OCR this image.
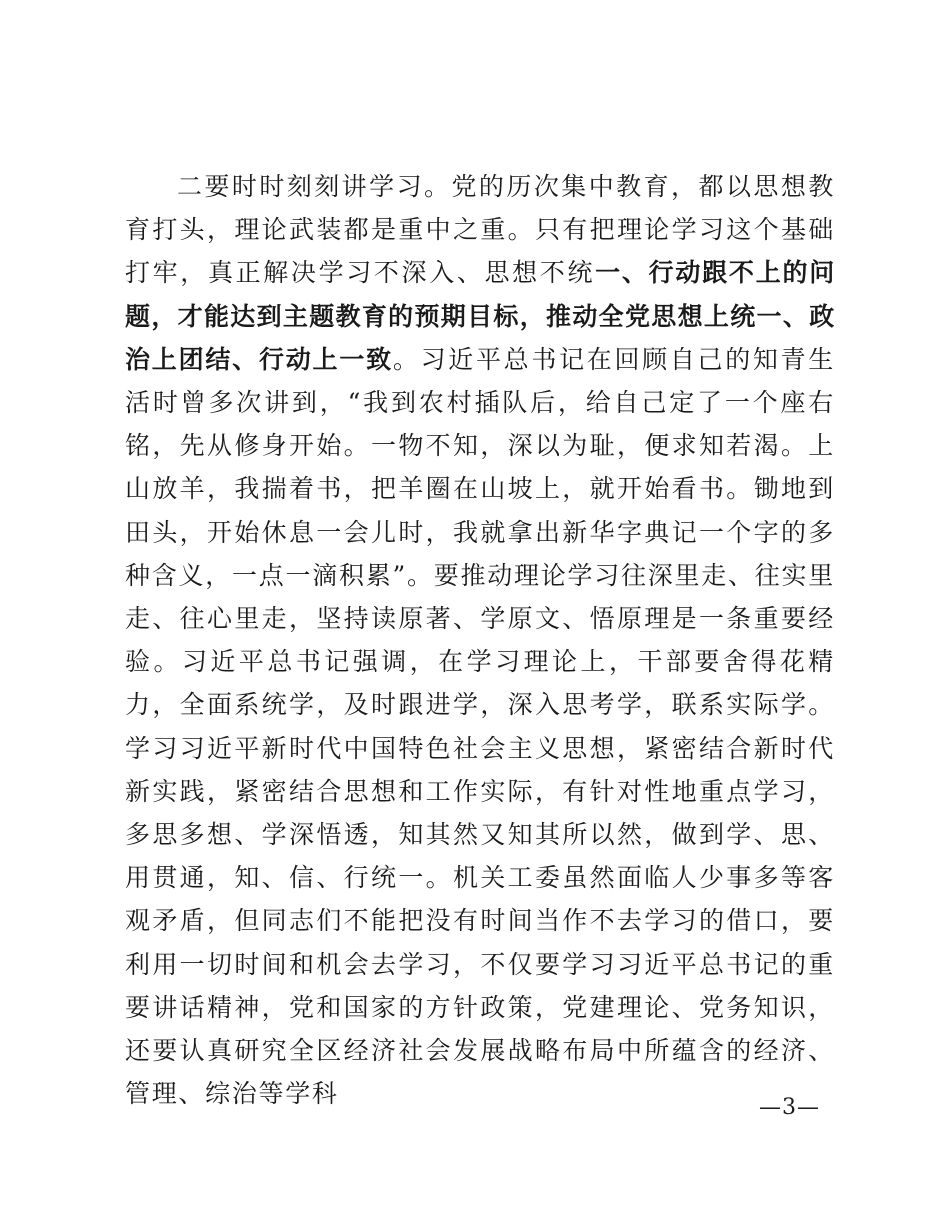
二要时时刻刻讲学习。党的历次集中教育，都以思想教育打头，理论武装都是重中之重。只有把理论学习这个基础打牢，真正解决学习不深入、思想不统一、行动跟不上的问题，才能达到主题教育的预期目标，推动全党思想上统一、政治上团结、行动上一致。习近平总书记在回顾自己的知青生活时曾多次讲到，“我到农村插队后，给自己定了一个座右铭，先从修身开始。一物不知，深以为耻，便求知若渴。上山放羊，我揣着书，把羊圈在山坡上，就开始看书。锄地到田头，开始休息一会儿时，我就拿出新华字典记一个字的多种含义，一点一滴积累”。要推动理论学习往深里走、往实里走、往心里走，坚持读原著、学原文、悟原理是一条重要经验。习近平总书记强调，在学习理论上，干部要舍得花精力，全面系统学，及时跟进学，深入思考学，联系实际学。学习习近平新时代中国特色社会主义思想，紧密结合新时代新实践，紧密结合思想和工作实际，有针对性地重点学习，多思多想、学深悟透，知其然又知其所以然，做到学、思、用贯通，知、信、行统一。机关工委虽然面临人少事多等客观矛盾，但同志们不能把没有时间当作不去学习的借口，要利用一切时间和机会去学习，不仅要学习习近平总书记的重要讲话精神，党和国家的方针政策，党建理论、党务知识，还要认真研究全区经济社会发展战略布局中所蕴含的经济、管理、综治等学科	—3—
